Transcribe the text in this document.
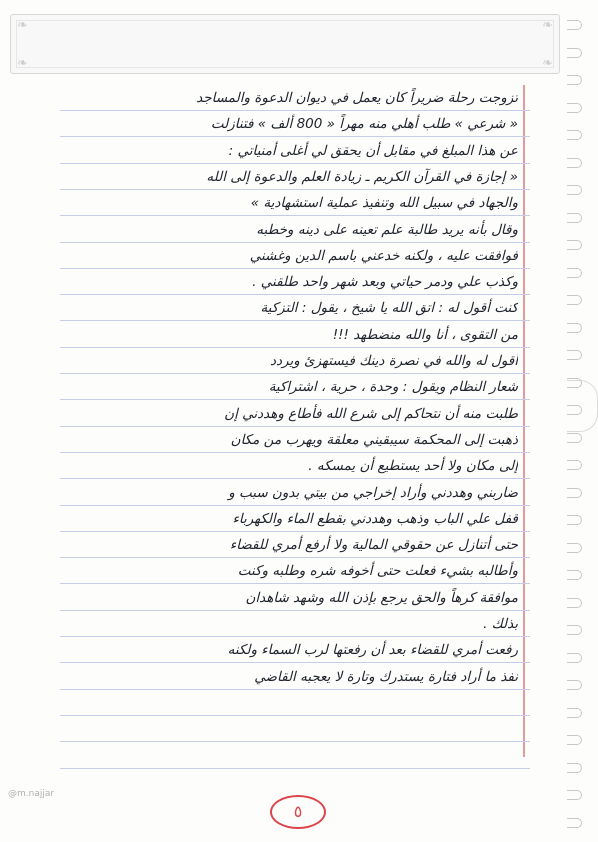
❧	❧
❧	❧
تزوجت رحلة ضريراً كان يعمل في ديوان الدعوة والمساجد
« شرعي » طلب أهلي منه مهراً « 800 ألف » فتنازلت
عن هذا المبلغ في مقابل أن يحقق لي أغلى أمنياتي :
« إجازة في القرآن الكريم ـ زيادة العلم والدعوة إلى الله
والجهاد في سبيل الله وتنفيذ عملية استشهادية »
وقال بأنه يريد طالبة علم تعينه على دينه وخطبه
فوافقت عليه ، ولكنه خدعني باسم الدين وغشني
وكذب علي ودمر حياتي وبعد شهر واحد طلقني .
كنت أقول له : اتق الله يا شيخ ، يقول : التزكية
من التقوى ، أنا والله منضطهد !!!
أقول له والله في نصرة دينك فيستهزئ ويردد
شعار النظام ويقول : وحدة ، حرية ، اشتراكية
طلبت منه أن نتحاكم إلى شرع الله فأطاع وهددني إن
ذهبت إلى المحكمة سيبقيني معلقة ويهرب من مكان
إلى مكان ولا أحد يستطيع أن يمسكه .
ضاربني وهددني وأراد إخراجي من بيتي بدون سبب و
قفل علي الباب وذهب وهددني بقطع الماء والكهرباء
حتى أتنازل عن حقوقي المالية ولا أرفع أمري للقضاء
وأطالبه بشيء فعلت حتى أخوفه شره وطلبه وكنت
موافقة كرهاً والحق يرجع بإذن الله وشهد شاهدان
بذلك .
رفعت أمري للقضاء بعد أن رفعتها لرب السماء ولكنه
نفذ ما أراد فتارة يستدرك وتارة لا يعجبه القاضي
@m.najjar
٥
